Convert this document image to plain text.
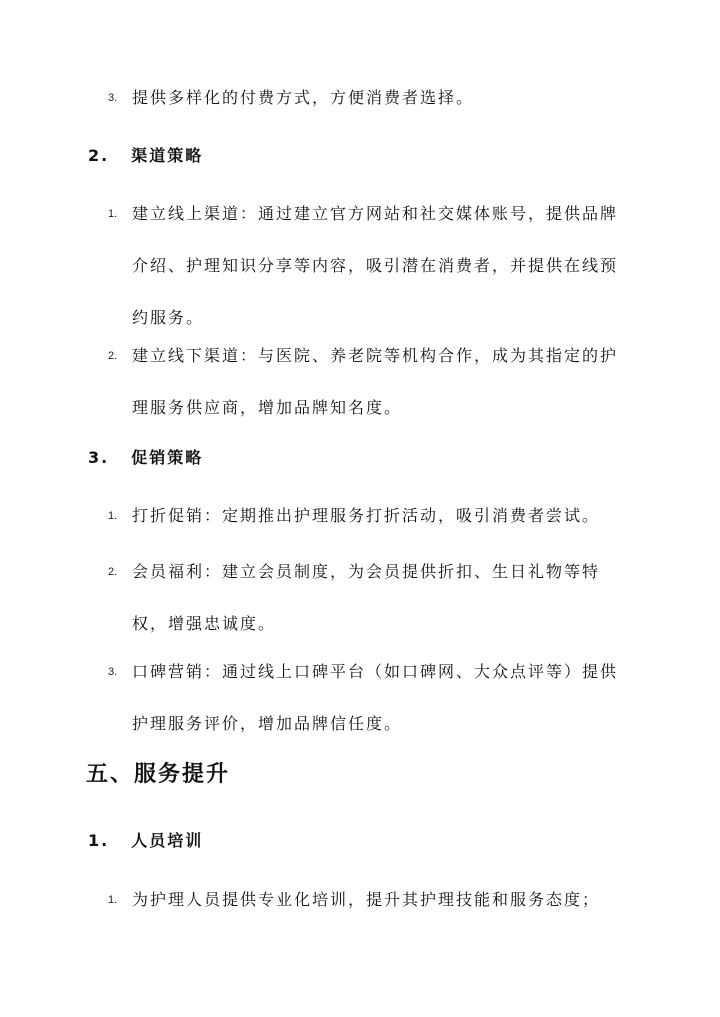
3. 提供多样化的付费方式，方便消费者选择。
2. 渠道策略
1. 建立线上渠道：通过建立官方网站和社交媒体账号，提供品牌介绍、护理知识分享等内容，吸引潜在消费者，并提供在线预约服务。
2. 建立线下渠道：与医院、养老院等机构合作，成为其指定的护理服务供应商，增加品牌知名度。
3. 促销策略
1. 打折促销：定期推出护理服务打折活动，吸引消费者尝试。
2. 会员福利：建立会员制度，为会员提供折扣、生日礼物等特权，增强忠诚度。
3. 口碑营销：通过线上口碑平台（如口碑网、大众点评等）提供护理服务评价，增加品牌信任度。
五、服务提升
1. 人员培训
1. 为护理人员提供专业化培训，提升其护理技能和服务态度；
